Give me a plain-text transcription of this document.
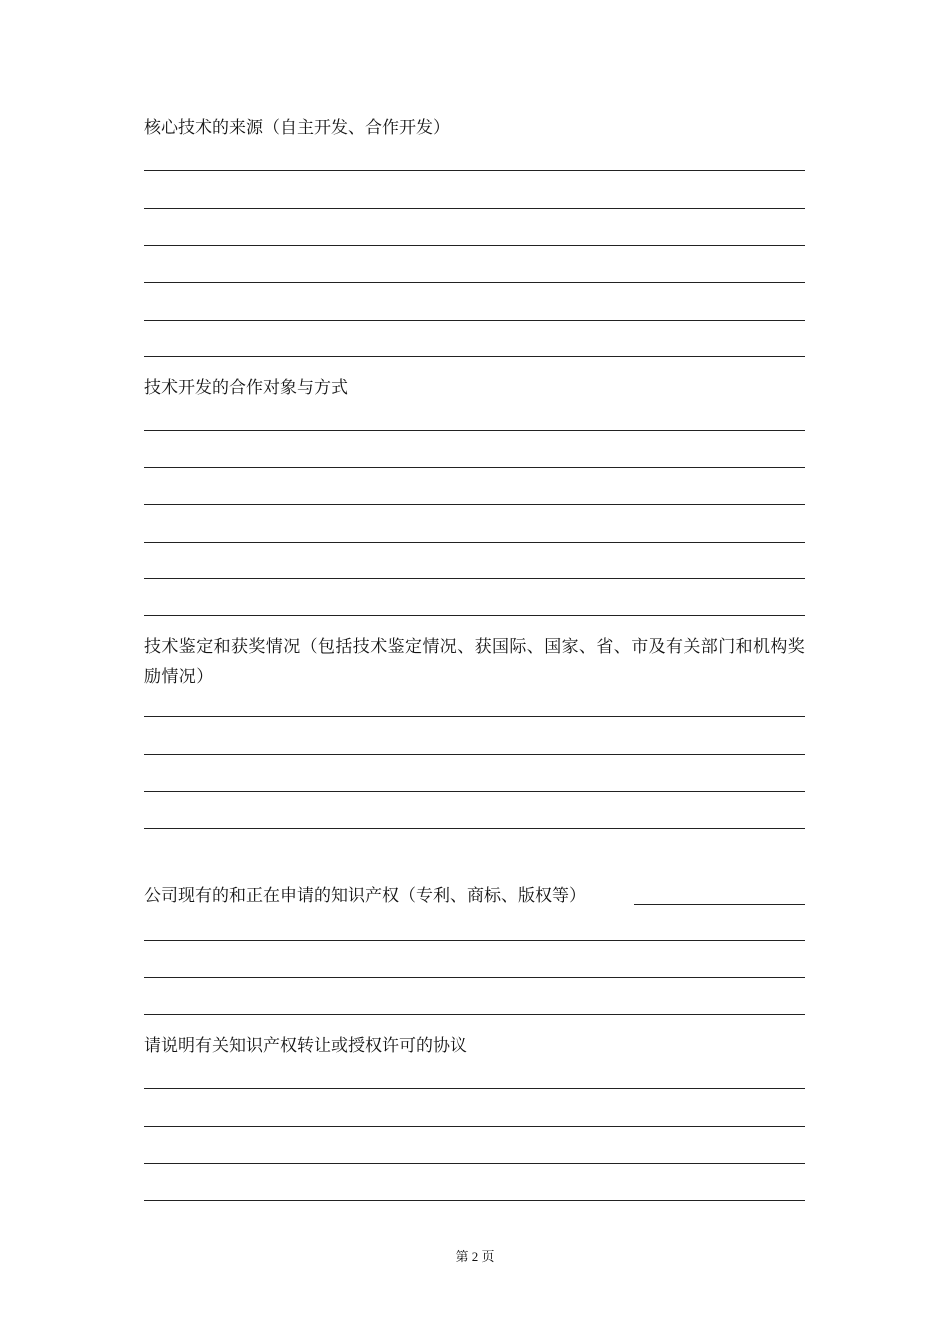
核心技术的来源（自主开发、合作开发）
技术开发的合作对象与方式
技术鉴定和获奖情况（包括技术鉴定情况、获国际、国家、省、市及有关部门和机构奖励情况）
公司现有的和正在申请的知识产权（专利、商标、版权等）
请说明有关知识产权转让或授权许可的协议
第 2 页
